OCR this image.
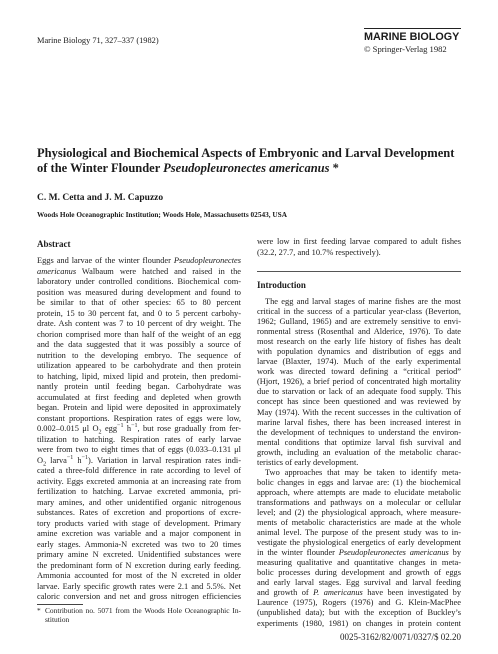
Marine Biology 71, 327–337 (1982)	MARINE BIOLOGY
© Springer-Verlag 1982
Physiological and Biochemical Aspects of Embryonic and Larval Development
of the Winter Flounder Pseudopleuronectes americanus *
C. M. Cetta and J. M. Capuzzo
Woods Hole Oceanographic Institution; Woods Hole, Massachusetts 02543, USA
Abstract
Eggs and larvae of the winter flounder Pseudopleuronectes
americanus Walbaum were hatched and raised in the
laboratory under controlled conditions. Biochemical com-
position was measured during development and found to
be similar to that of other species: 65 to 80 percent
protein, 15 to 30 percent fat, and 0 to 5 percent carbohy-
drate. Ash content was 7 to 10 percent of dry weight. The
chorion comprised more than half of the weight of an egg
and the data suggested that it was possibly a source of
nutrition to the developing embryo. The sequence of
utilization appeared to be carbohydrate and then protein
to hatching, lipid, mixed lipid and protein, then predomi-
nantly protein until feeding began. Carbohydrate was
accumulated at first feeding and depleted when growth
began. Protein and lipid were deposited in approximately
constant proportions. Respiration rates of eggs were low,
0.002–0.015 μl $O_2$ egg$^{-1}$ $h^{-1}$, but rose gradually from fer-
tilization to hatching. Respiration rates of early larvae
were from two to eight times that of eggs (0.033–0.131 μl
$O_2$ larva$^{-1}$ $h^{-1}$). Variation in larval respiration rates indi-
cated a three-fold difference in rate according to level of
activity. Eggs excreted ammonia at an increasing rate from
fertilization to hatching. Larvae excreted ammonia, pri-
mary amines, and other unidentified organic nitrogenous
substances. Rates of excretion and proportions of excre-
tory products varied with stage of development. Primary
amine excretion was variable and a major component in
early stages. Ammonia-N excreted was two to 20 times
primary amine N excreted. Unidentified substances were
the predominant form of N excretion during early feeding.
Ammonia accounted for most of the N excreted in older
larvae. Early specific growth rates were 2.1 and 5.5%. Net
caloric conversion and net and gross nitrogen efficiencies
were low in first feeding larvae compared to adult fishes
(32.2, 27.7, and 10.7% respectively).
Introduction
The egg and larval stages of marine fishes are the most
critical in the success of a particular year-class (Beverton,
1962; Gulland, 1965) and are extremely sensitive to envi-
ronmental stress (Rosenthal and Alderice, 1976). To date
most research on the early life history of fishes has dealt
with population dynamics and distribution of eggs and
larvae (Blaxter, 1974). Much of the early experimental
work was directed toward defining a “critical period”
(Hjort, 1926), a brief period of concentrated high mortality
due to starvation or lack of an adequate food supply. This
concept has since been questioned and was reviewed by
May (1974). With the recent successes in the cultivation of
marine larval fishes, there has been increased interest in
the development of techniques to understand the environ-
mental conditions that optimize larval fish survival and
growth, including an evaluation of the metabolic charac-
teristics of early development.
Two approaches that may be taken to identify meta-
bolic changes in eggs and larvae are: (1) the biochemical
approach, where attempts are made to elucidate metabolic
transformations and pathways on a molecular or cellular
level; and (2) the physiological approach, where measure-
ments of metabolic characteristics are made at the whole
animal level. The purpose of the present study was to in-
vestigate the physiological energetics of early development
in the winter flounder Pseudopleuronectes americanus by
measuring qualitative and quantitative changes in meta-
bolic processes during development and growth of eggs
and early larval stages. Egg survival and larval feeding
and growth of P. americanus have been investigated by
Laurence (1975), Rogers (1976) and G. Klein-MacPhee
(unpublished data); but with the exception of Buckley’s
experiments (1980, 1981) on changes in protein content
* Contribution no. 5071 from the Woods Hole Oceanographic In-
stitution
0025-3162/82/0071/0327/$ 02.20
